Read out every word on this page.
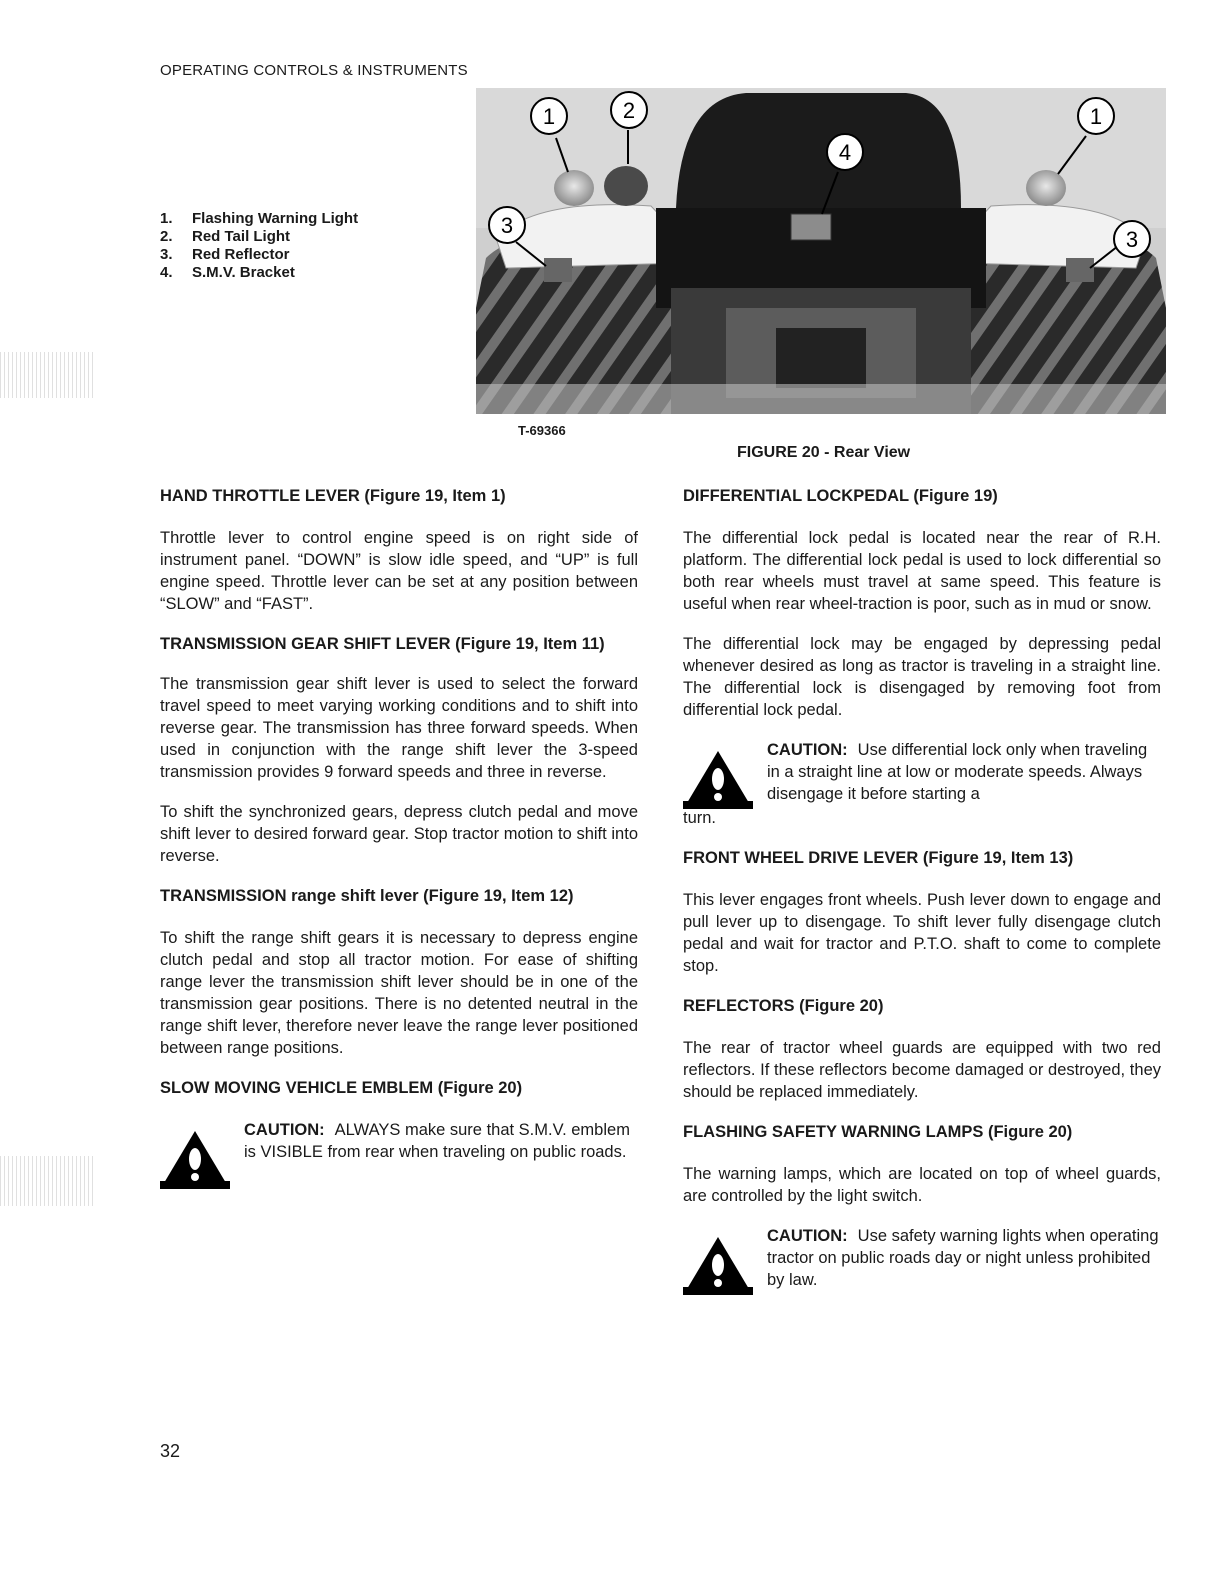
OPERATING CONTROLS & INSTRUMENTS
1. Flashing Warning Light
2. Red Tail Light
3. Red Reflector
4. S.M.V. Bracket
1	2
4
1
3
3
T-69366
FIGURE 20 - Rear View
HAND THROTTLE LEVER (Figure 19, Item 1)

Throttle lever to control engine speed is on right side of instrument panel. “DOWN” is slow idle speed, and “UP” is full engine speed. Throttle lever can be set at any position between “SLOW” and “FAST”.

TRANSMISSION GEAR SHIFT LEVER (Figure 19, Item 11)

The transmission gear shift lever is used to select the forward travel speed to meet varying working conditions and to shift into reverse gear. The transmission has three forward speeds. When used in conjunction with the range shift lever the 3-speed transmission provides 9 forward speeds and three in reverse.

To shift the synchronized gears, depress clutch pedal and move shift lever to desired forward gear. Stop tractor motion to shift into reverse.

TRANSMISSION range shift lever (Figure 19, Item 12)

To shift the range shift gears it is necessary to depress engine clutch pedal and stop all tractor motion. For ease of shifting range lever the transmission shift lever should be in one of the transmission gear positions. There is no detented neutral in the range shift lever, therefore never leave the range lever positioned between range positions.

SLOW MOVING VEHICLE EMBLEM (Figure 20)
CAUTION: ALWAYS make sure that S.M.V. emblem is VISIBLE from rear when traveling on public roads.
DIFFERENTIAL LOCKPEDAL (Figure 19)

The differential lock pedal is located near the rear of R.H. platform. The differential lock pedal is used to lock differential so both rear wheels must travel at same speed. This feature is useful when rear wheel-traction is poor, such as in mud or snow.

The differential lock may be engaged by depressing pedal whenever desired as long as tractor is traveling in a straight line. The differential lock is disengaged by removing foot from differential lock pedal.

CAUTION: Use differential lock only when traveling in a straight line at low or moderate speeds. Always disengage it before starting a
turn.
FRONT WHEEL DRIVE LEVER (Figure 19, Item 13)

This lever engages front wheels. Push lever down to engage and pull lever up to disengage. To shift lever fully disengage clutch pedal and wait for tractor and P.T.O. shaft to come to complete stop.

REFLECTORS (Figure 20)

The rear of tractor wheel guards are equipped with two red reflectors. If these reflectors become damaged or destroyed, they should be replaced immediately.

FLASHING SAFETY WARNING LAMPS (Figure 20)

The warning lamps, which are located on top of wheel guards, are controlled by the light switch.

CAUTION: Use safety warning lights when operating tractor on public roads day or night unless prohibited by law.
32
